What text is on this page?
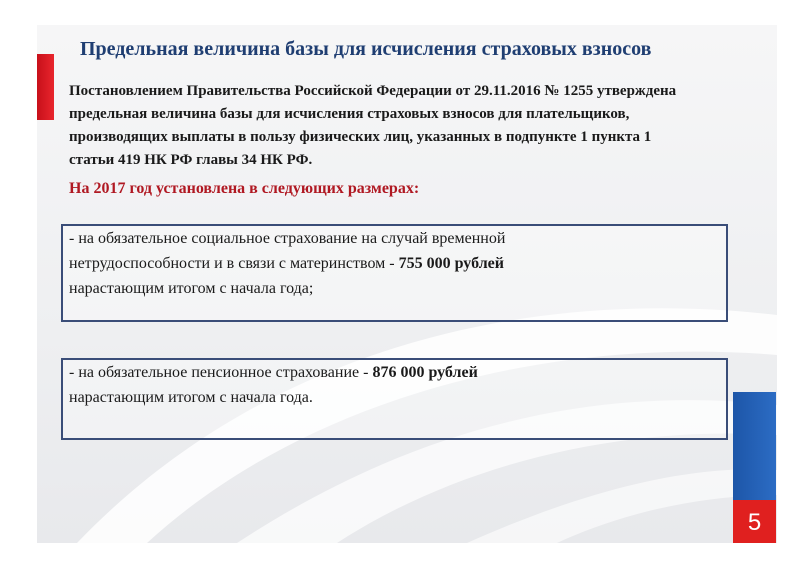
Предельная величина базы для исчисления страховых взносов
Постановлением Правительства Российской Федерации от 29.11.2016 № 1255 утверждена предельная величина базы для исчисления страховых взносов для плательщиков, производящих выплаты в пользу физических лиц, указанных в подпункте 1 пункта 1 статьи 419 НК РФ главы 34 НК РФ.
На 2017 год установлена в следующих размерах:
- на обязательное социальное страхование на случай временной
нетрудоспособности и в связи с материнством - 755 000 рублей
нарастающим итогом с начала года;
- на обязательное пенсионное страхование - 876 000 рублей
нарастающим итогом с начала года.
5
